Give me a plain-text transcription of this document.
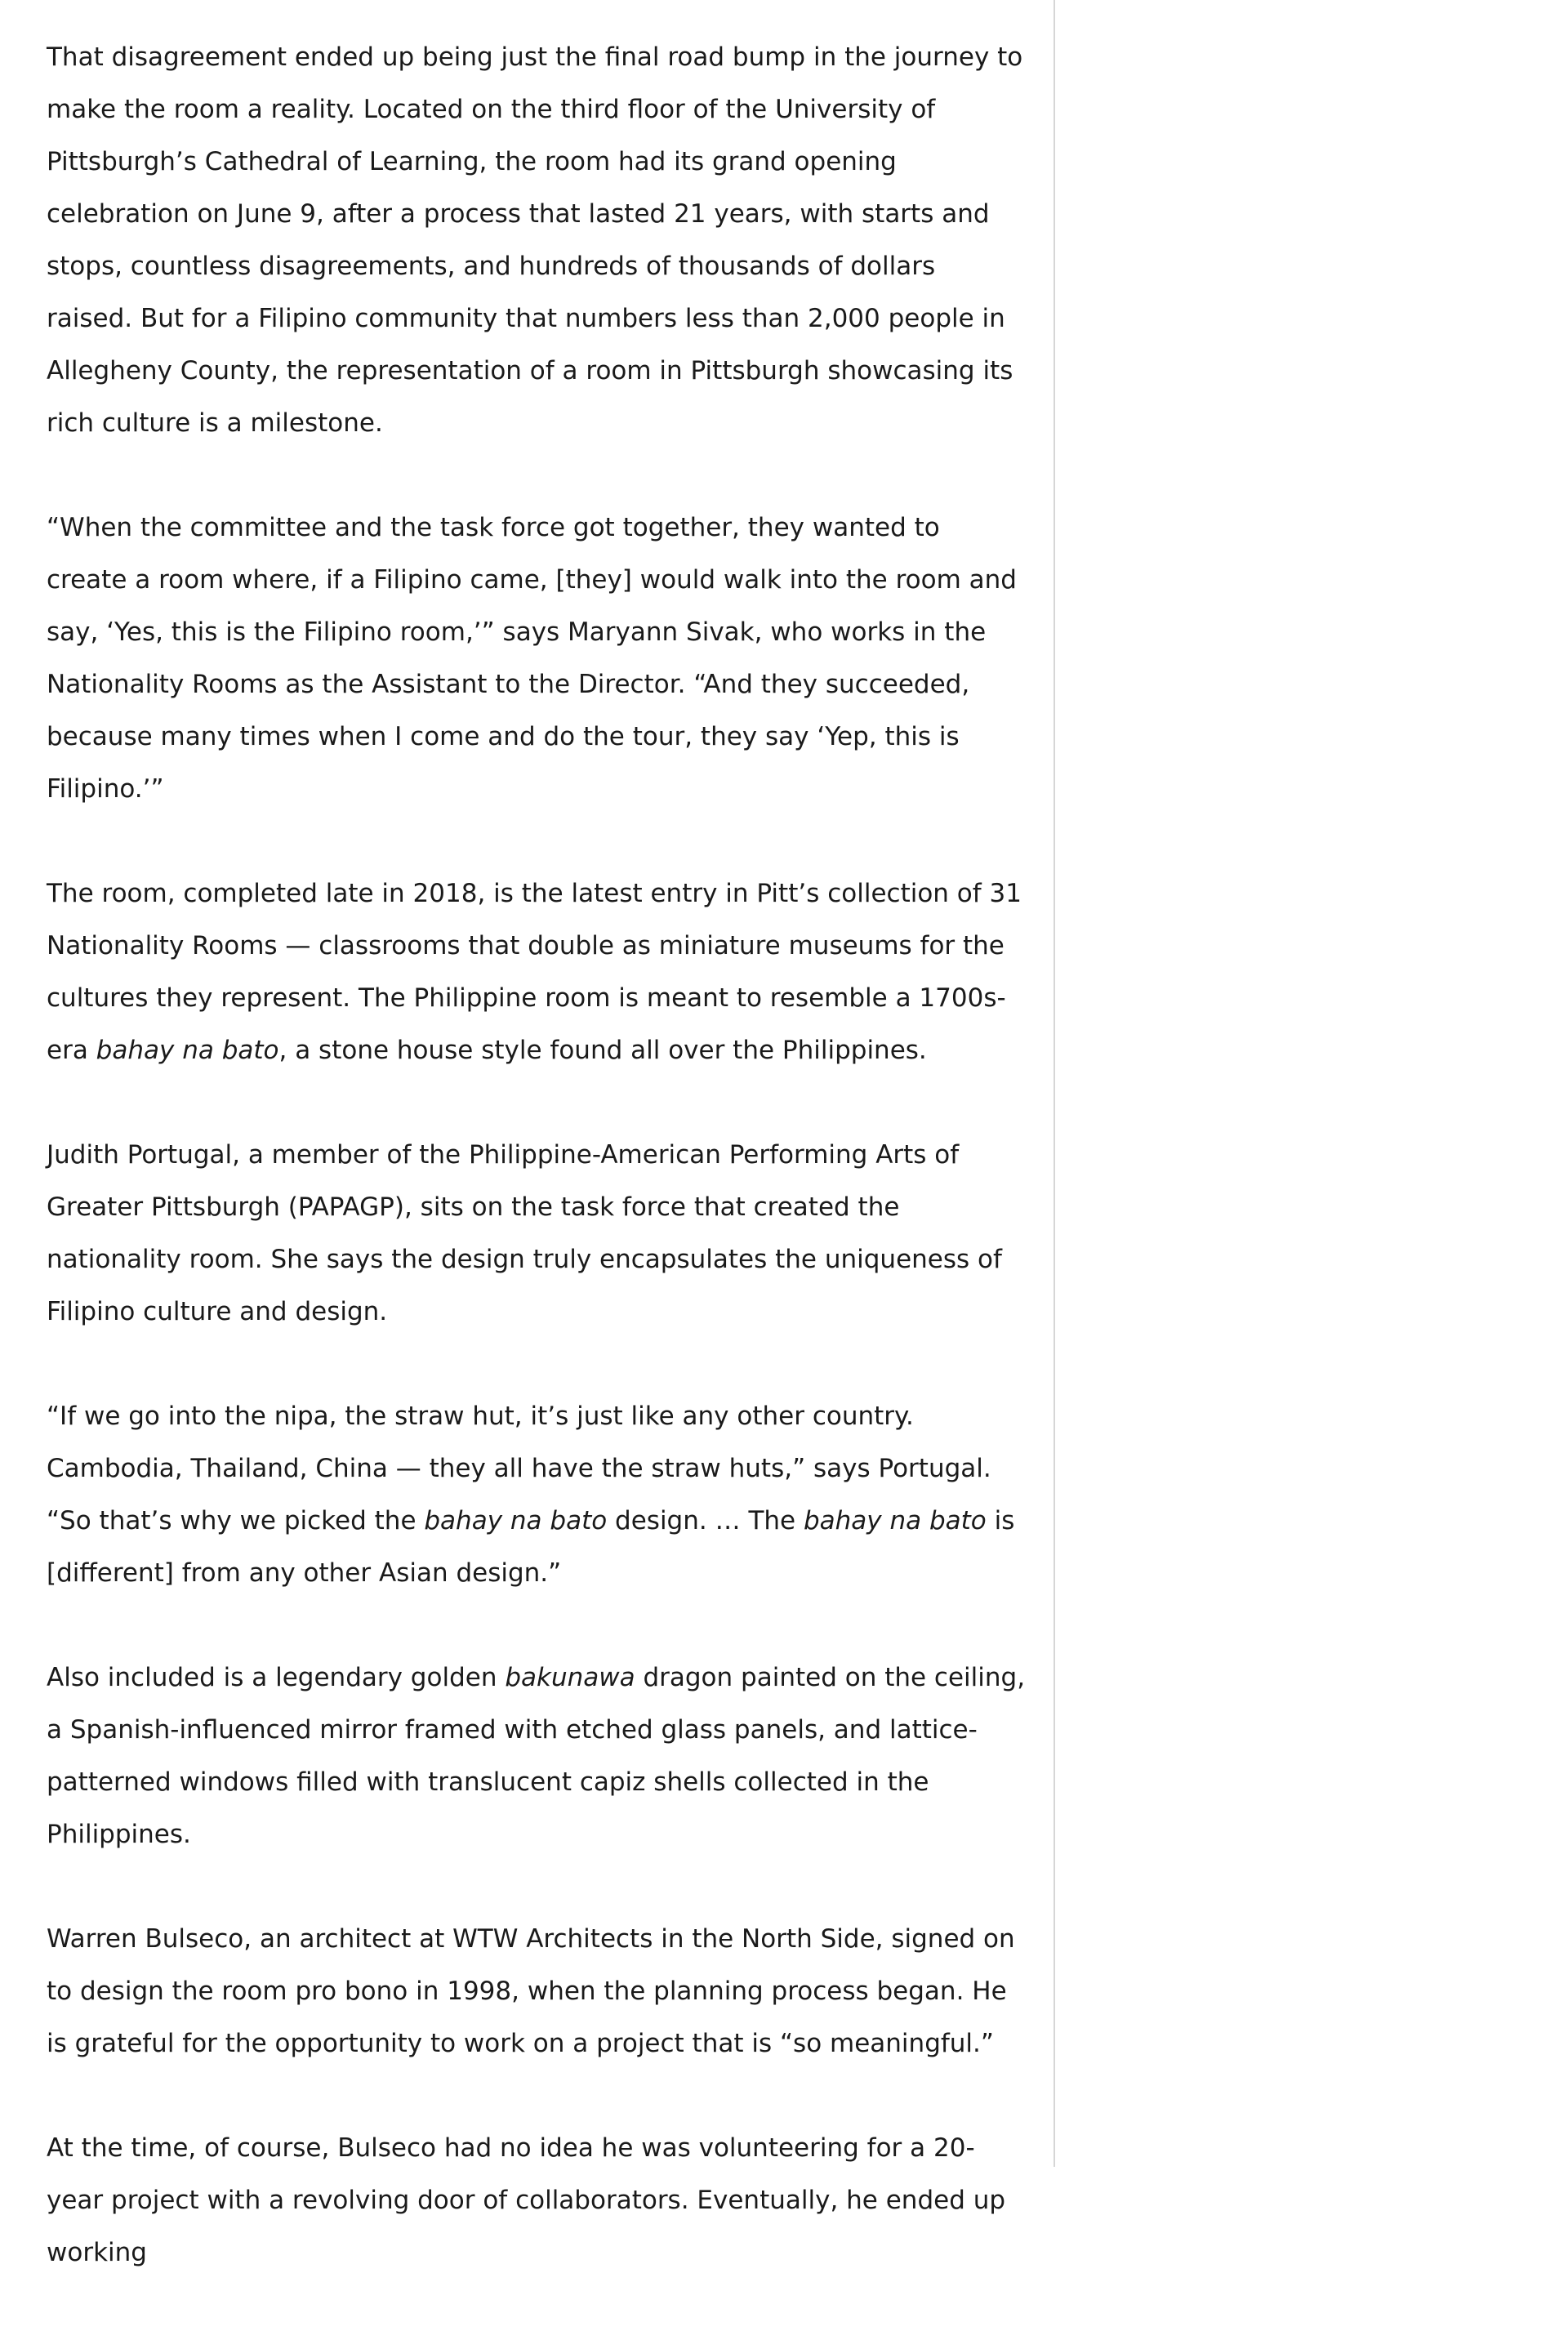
That disagreement ended up being just the final road bump in the journey to make the room a reality. Located on the third floor of the University of Pittsburgh’s Cathedral of Learning, the room had its grand opening celebration on June 9, after a process that lasted 21 years, with starts and stops, countless disagreements, and hundreds of thousands of dollars raised. But for a Filipino community that numbers less than 2,000 people in Allegheny County, the representation of a room in Pittsburgh showcasing its rich culture is a milestone.

“When the committee and the task force got together, they wanted to create a room where, if a Filipino came, [they] would walk into the room and say, ‘Yes, this is the Filipino room,’” says Maryann Sivak, who works in the Nationality Rooms as the Assistant to the Director. “And they succeeded, because many times when I come and do the tour, they say ‘Yep, this is Filipino.’”

The room, completed late in 2018, is the latest entry in Pitt’s collection of 31 Nationality Rooms — classrooms that double as miniature museums for the cultures they represent. The Philippine room is meant to resemble a 1700s-era bahay na bato, a stone house style found all over the Philippines.

Judith Portugal, a member of the Philippine-American Performing Arts of Greater Pittsburgh (PAPAGP), sits on the task force that created the nationality room. She says the design truly encapsulates the uniqueness of Filipino culture and design.

“If we go into the nipa, the straw hut, it’s just like any other country. Cambodia, Thailand, China — they all have the straw huts,” says Portugal. “So that’s why we picked the bahay na bato design. … The bahay na bato is [different] from any other Asian design.”

Also included is a legendary golden bakunawa dragon painted on the ceiling, a Spanish-influenced mirror framed with etched glass panels, and lattice-patterned windows filled with translucent capiz shells collected in the Philippines.

Warren Bulseco, an architect at WTW Architects in the North Side, signed on to design the room pro bono in 1998, when the planning process began. He is grateful for the opportunity to work on a project that is “so meaningful.”

At the time, of course, Bulseco had no idea he was volunteering for a 20-year project with a revolving door of collaborators. Eventually, he ended up working
